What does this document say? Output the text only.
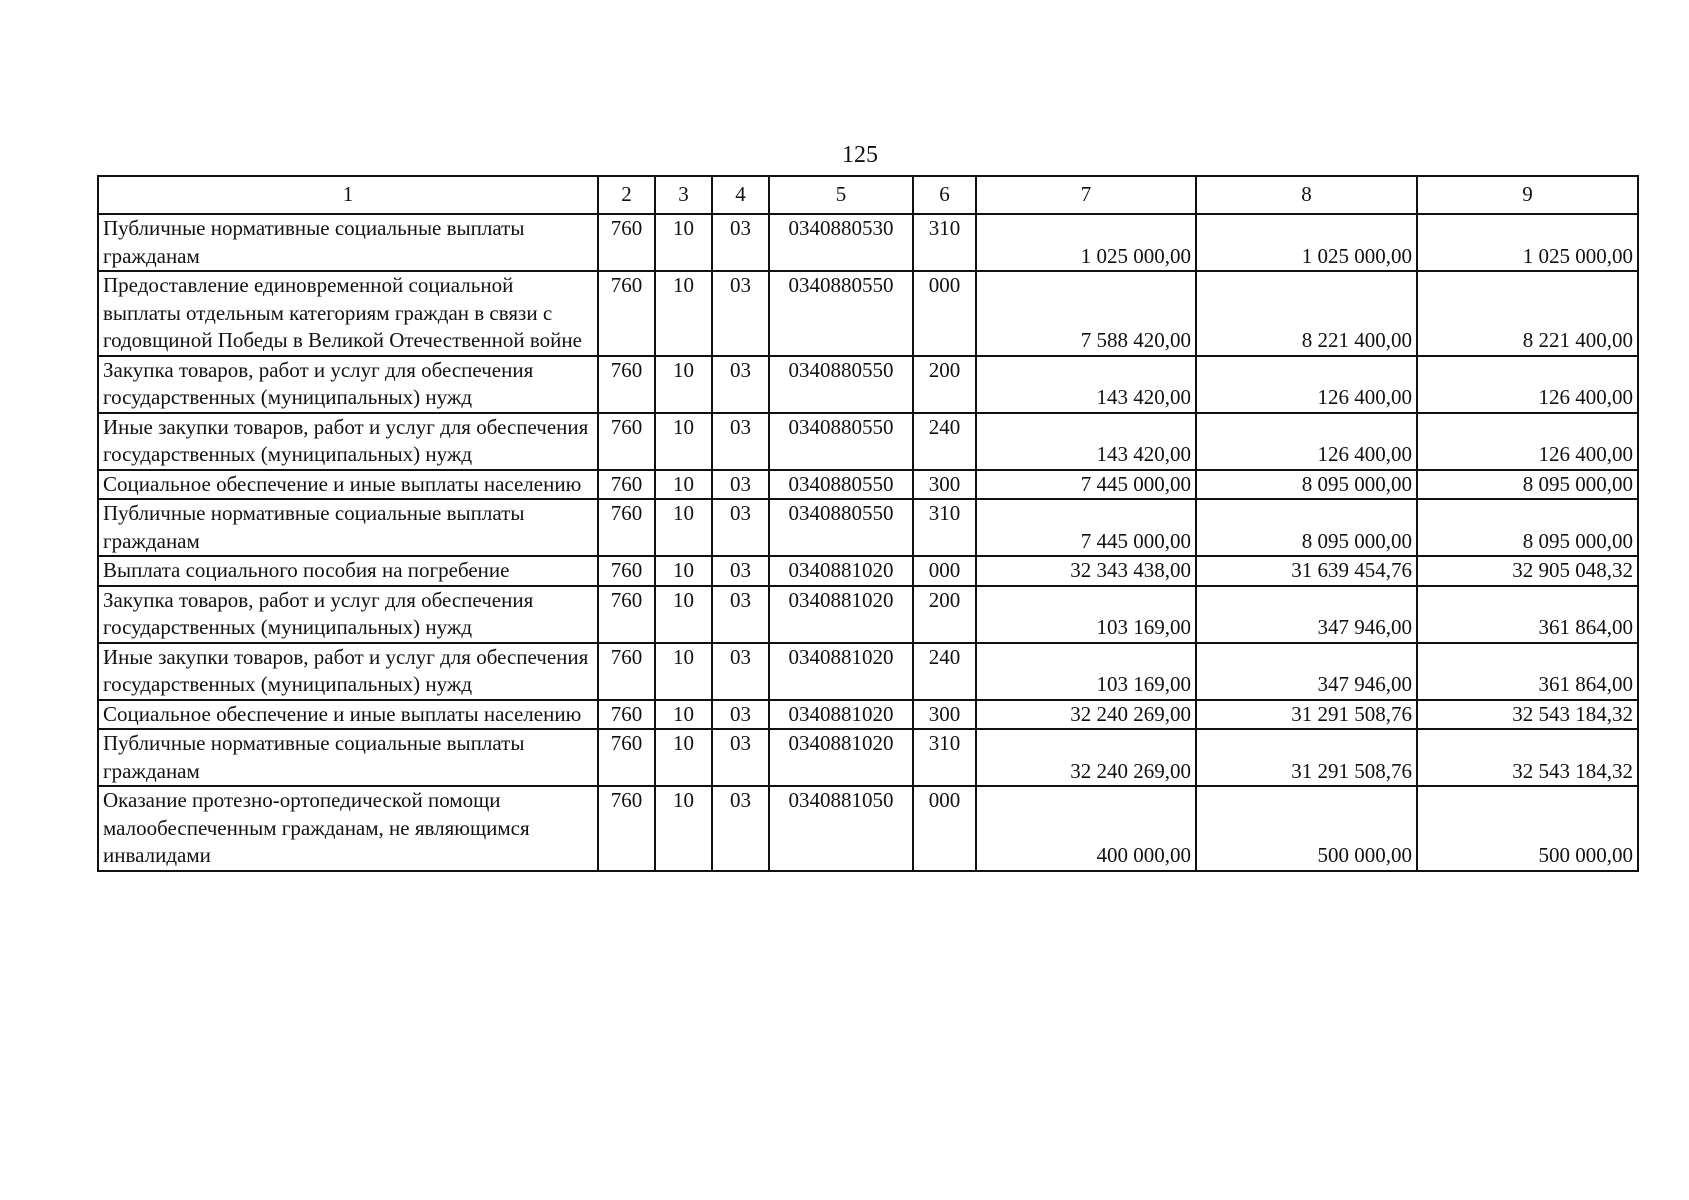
125
1	2	3	4	5	6	7	8	9
Публичные нормативные социальные выплаты гражданам	760	10	03	0340880530	310	1 025 000,00	1 025 000,00	1 025 000,00
Предоставление единовременной социальной выплаты отдельным категориям граждан в связи с годовщиной Победы в Великой Отечественной войне	760	10	03	0340880550	000	7 588 420,00	8 221 400,00	8 221 400,00
Закупка товаров, работ и услуг для обеспечения государственных (муниципальных) нужд	760	10	03	0340880550	200	143 420,00	126 400,00	126 400,00
Иные закупки товаров, работ и услуг для обеспечения государственных (муниципальных) нужд	760	10	03	0340880550	240	143 420,00	126 400,00	126 400,00
Социальное обеспечение и иные выплаты населению	760	10	03	0340880550	300	7 445 000,00	8 095 000,00	8 095 000,00
Публичные нормативные социальные выплаты гражданам	760	10	03	0340880550	310	7 445 000,00	8 095 000,00	8 095 000,00
Выплата социального пособия на погребение	760	10	03	0340881020	000	32 343 438,00	31 639 454,76	32 905 048,32
Закупка товаров, работ и услуг для обеспечения государственных (муниципальных) нужд	760	10	03	0340881020	200	103 169,00	347 946,00	361 864,00
Иные закупки товаров, работ и услуг для обеспечения государственных (муниципальных) нужд	760	10	03	0340881020	240	103 169,00	347 946,00	361 864,00
Социальное обеспечение и иные выплаты населению	760	10	03	0340881020	300	32 240 269,00	31 291 508,76	32 543 184,32
Публичные нормативные социальные выплаты гражданам	760	10	03	0340881020	310	32 240 269,00	31 291 508,76	32 543 184,32
Оказание протезно-ортопедической помощи малообеспеченным гражданам, не являющимся инвалидами	760	10	03	0340881050	000	400 000,00	500 000,00	500 000,00
